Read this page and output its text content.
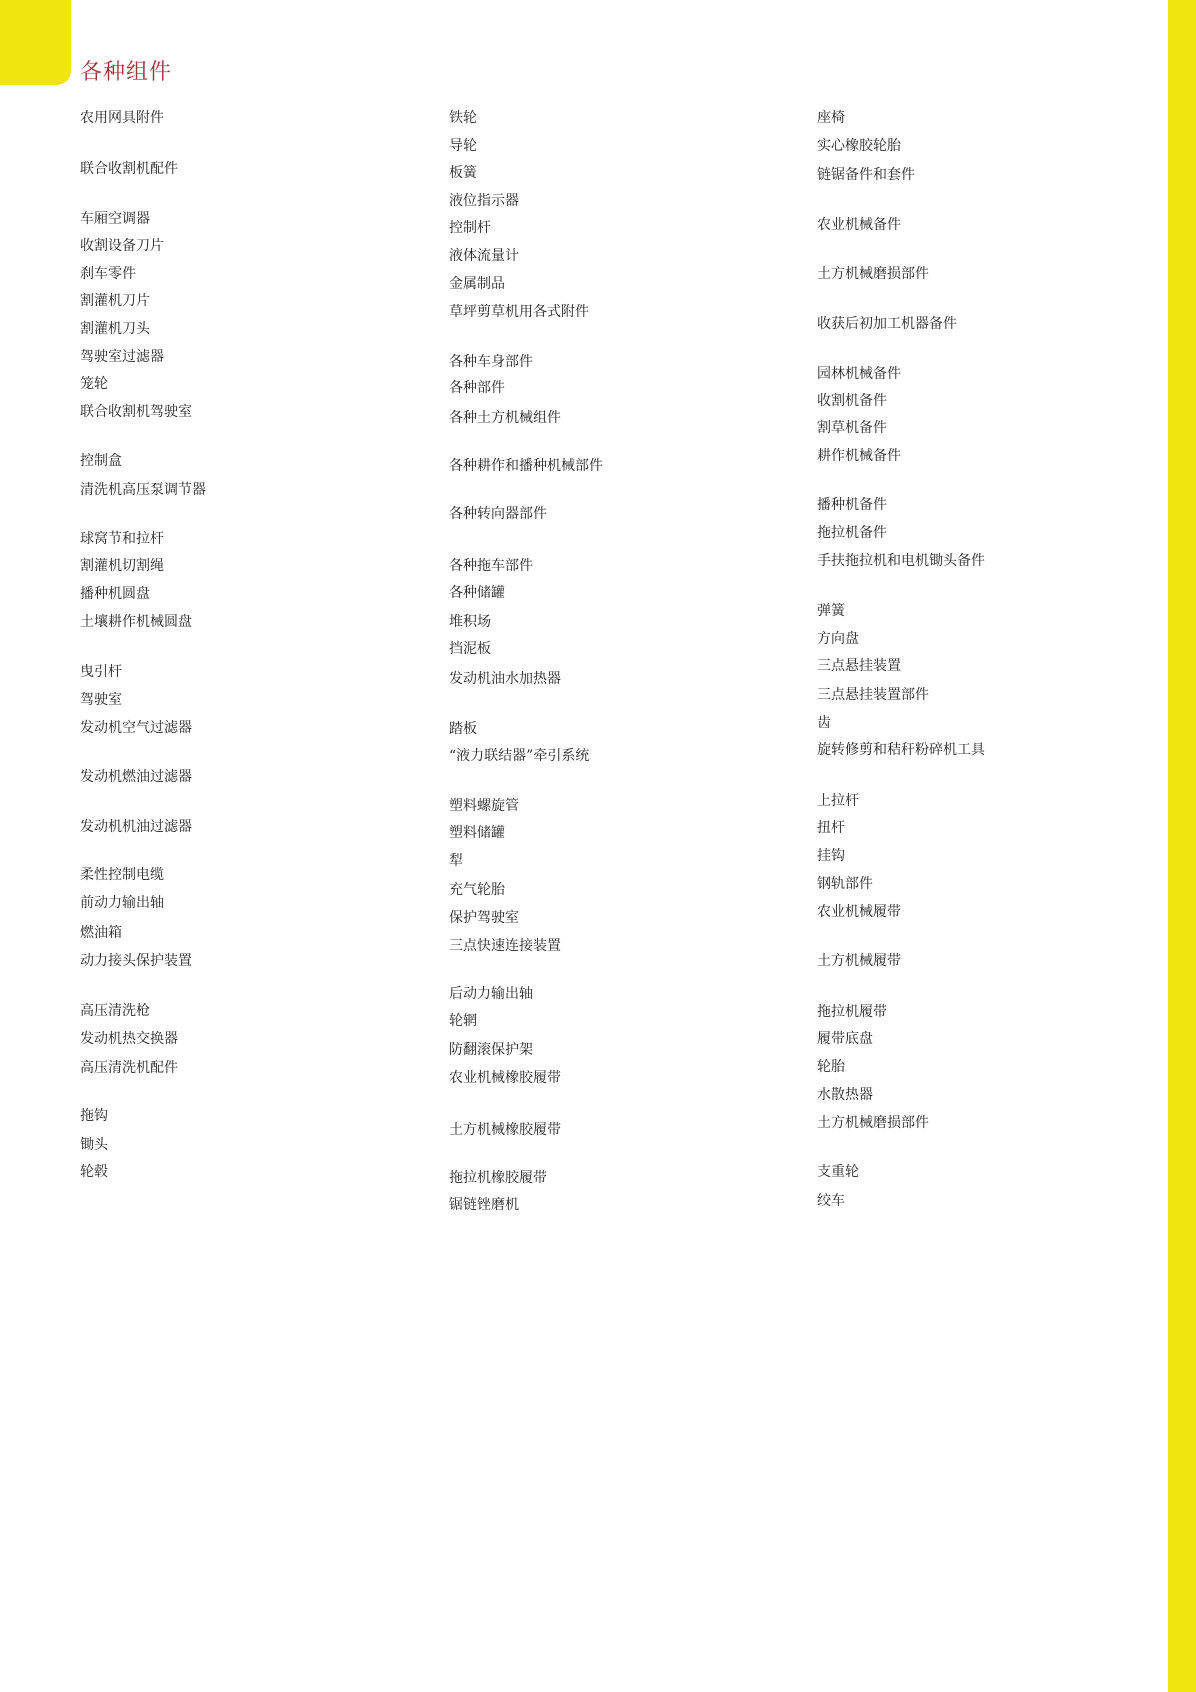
各种组件
农用网具附件
联合收割机配件
车厢空调器
收割设备刀片
刹车零件
割灌机刀片
割灌机刀头
驾驶室过滤器
笼轮
联合收割机驾驶室
控制盒
清洗机高压泵调节器
球窝节和拉杆
割灌机切割绳
播种机圆盘
土壤耕作机械圆盘
曳引杆
驾驶室
发动机空气过滤器
发动机燃油过滤器
发动机机油过滤器
柔性控制电缆
前动力输出轴
燃油箱
动力接头保护装置
高压清洗枪
发动机热交换器
高压清洗机配件
拖钩
锄头
轮毂
铁轮
导轮
板簧
液位指示器
控制杆
液体流量计
金属制品
草坪剪草机用各式附件
各种车身部件
各种部件
各种土方机械组件
各种耕作和播种机械部件
各种转向器部件
各种拖车部件
各种储罐
堆积场
挡泥板
发动机油水加热器
踏板
“液力联结器”牵引系统
塑料螺旋管
塑料储罐
犁
充气轮胎
保护驾驶室
三点快速连接装置
后动力输出轴
轮辋
防翻滚保护架
农业机械橡胶履带
土方机械橡胶履带
拖拉机橡胶履带
锯链锉磨机
座椅
实心橡胶轮胎
链锯备件和套件
农业机械备件
土方机械磨损部件
收获后初加工机器备件
园林机械备件
收割机备件
割草机备件
耕作机械备件
播种机备件
拖拉机备件
手扶拖拉机和电机锄头备件
弹簧
方向盘
三点悬挂装置
三点悬挂装置部件
齿
旋转修剪和秸秆粉碎机工具
上拉杆
扭杆
挂钩
钢轨部件
农业机械履带
土方机械履带
拖拉机履带
履带底盘
轮胎
水散热器
土方机械磨损部件
支重轮
绞车
